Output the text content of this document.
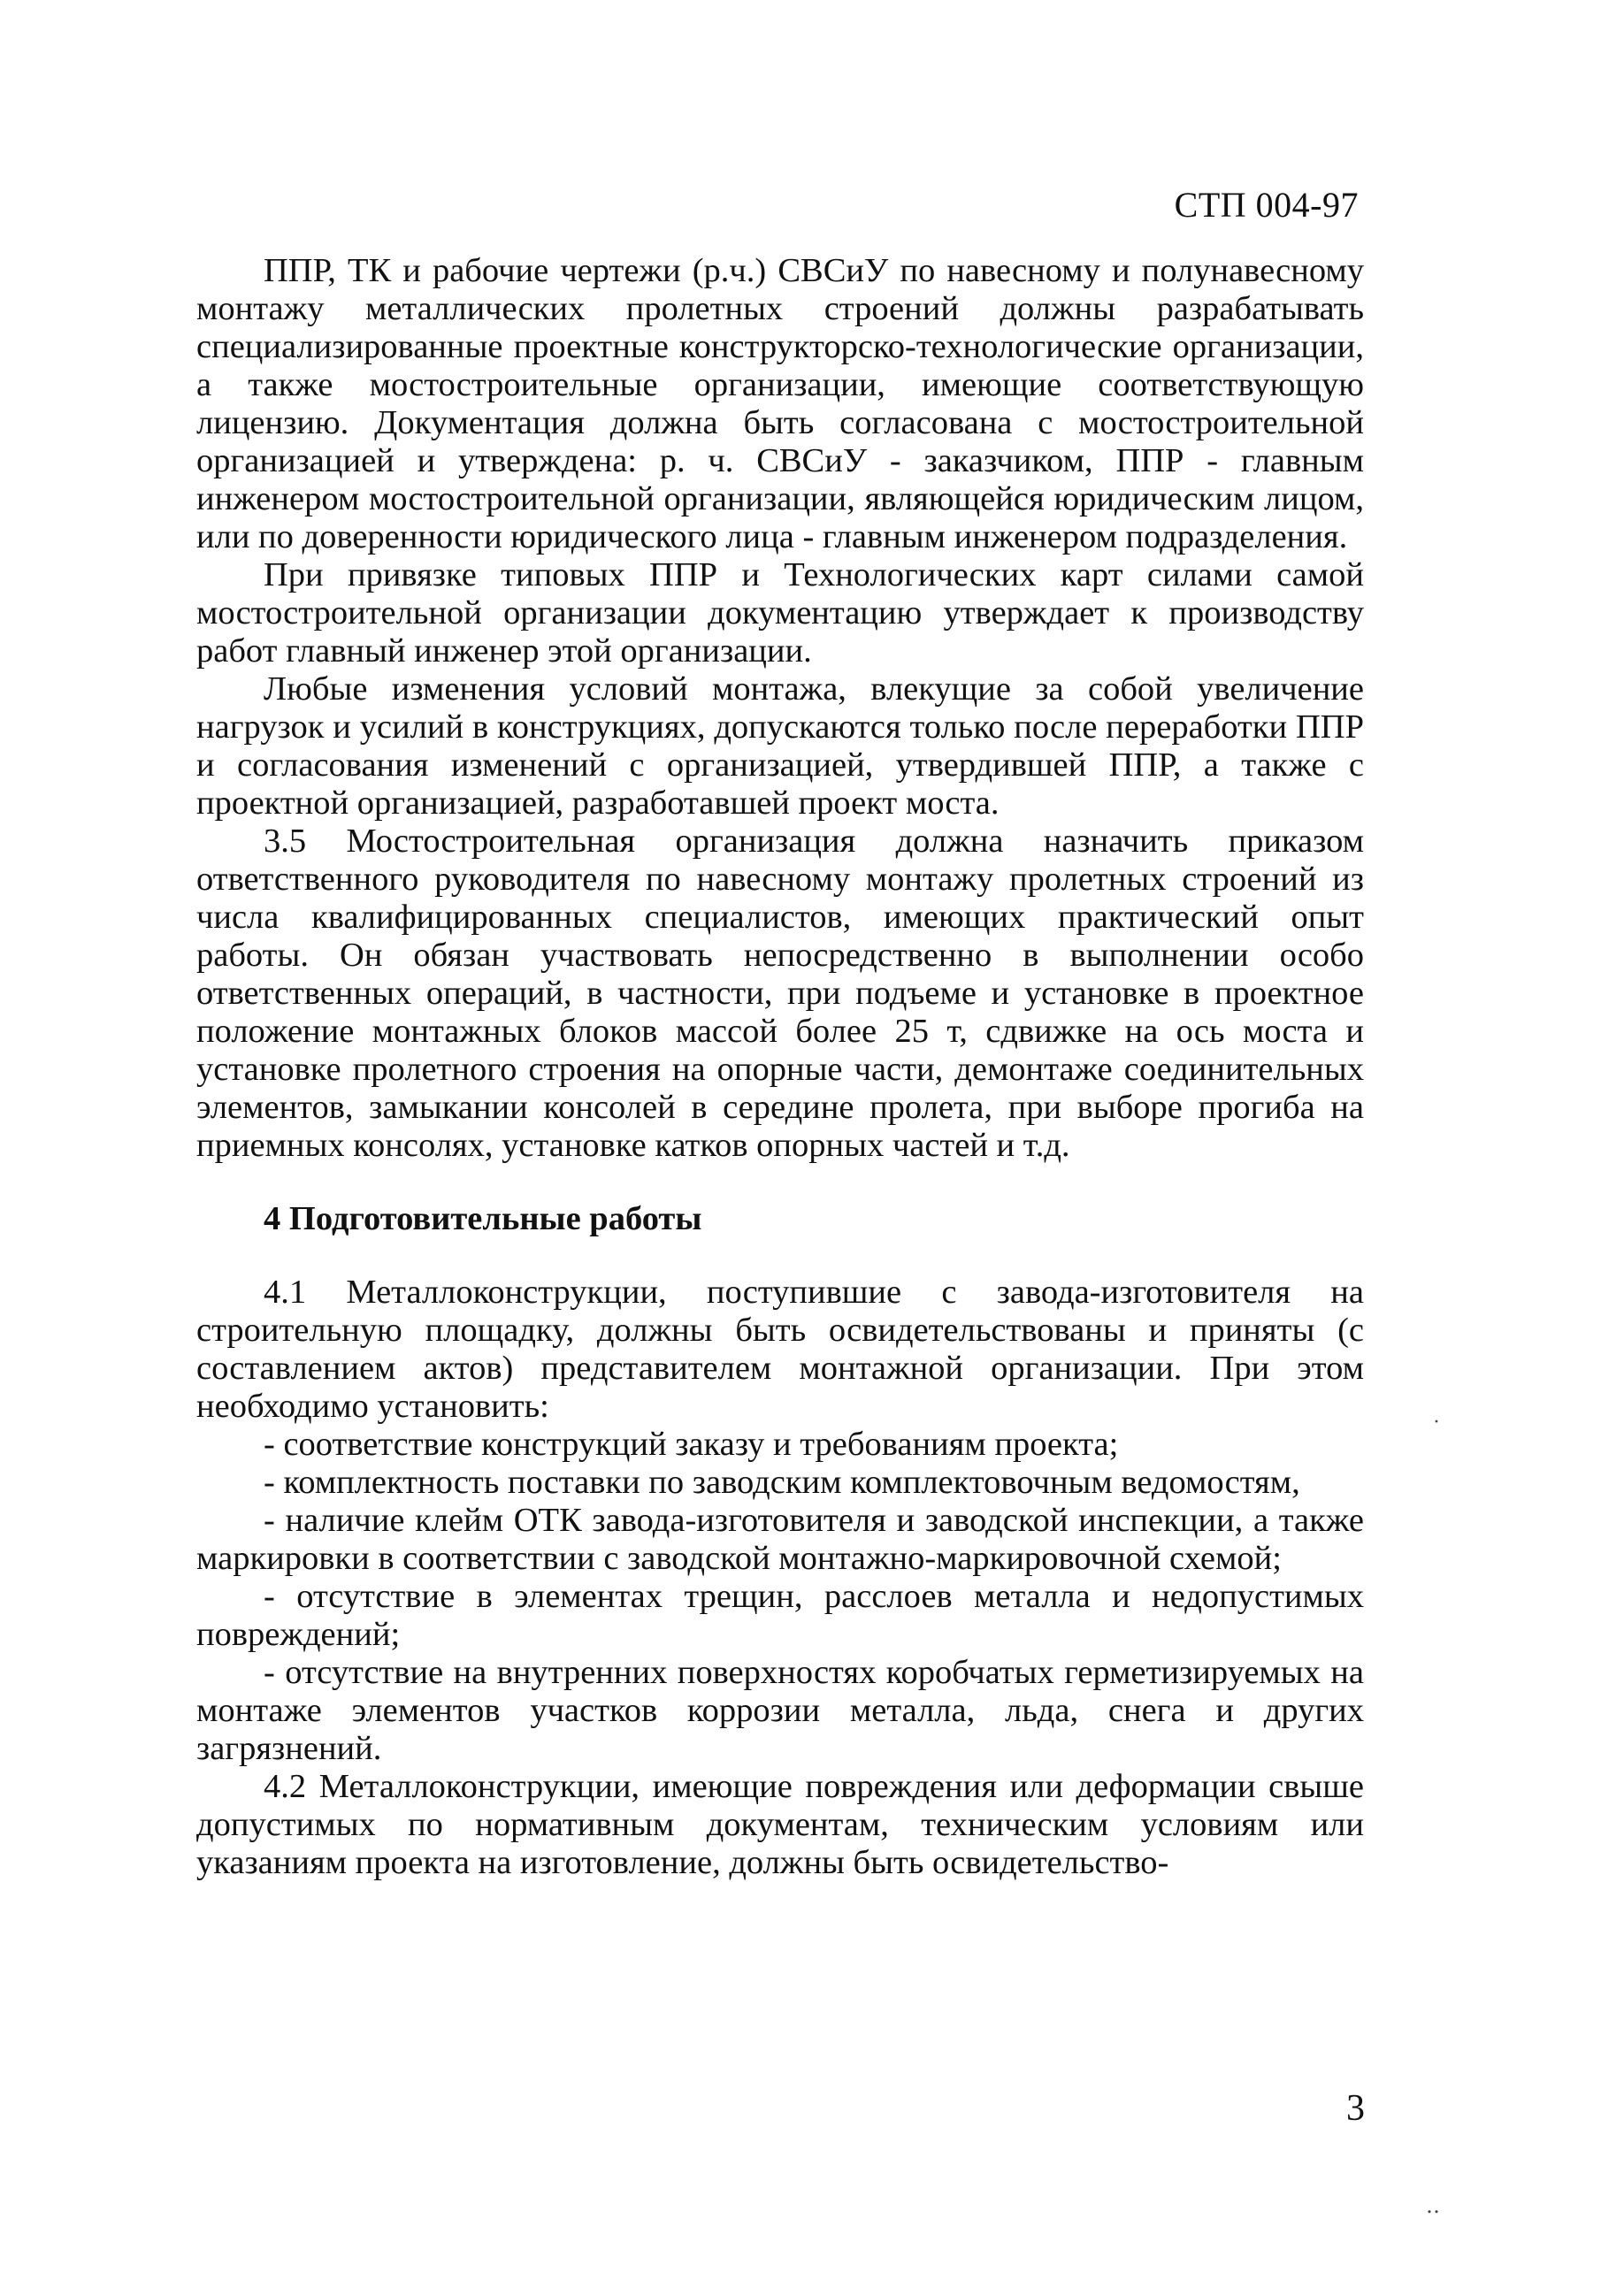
СТП 004-97

ППР, ТК и рабочие чертежи (р.ч.) СВСиУ по навесному и полунавесному монтажу металлических пролетных строений должны разрабатывать специализированные проектные конструкторско-технологические организации, а также мостостроительные организации, имеющие соответствующую лицензию. Документация должна быть согласована с мостостроительной организацией и утверждена: р. ч. СВСиУ - заказчиком, ППР - главным инженером мостостроительной организации, являющейся юридическим лицом, или по доверенности юридического лица - главным инженером подразделения.

При привязке типовых ППР и Технологических карт силами самой мостостроительной организации документацию утверждает к производству работ главный инженер этой организации.

Любые изменения условий монтажа, влекущие за собой увеличение нагрузок и усилий в конструкциях, допускаются только после переработки ППР и согласования изменений с организацией, утвердившей ППР, а также с проектной организацией, разработавшей проект моста.

3.5 Мостостроительная организация должна назначить приказом ответственного руководителя по навесному монтажу пролетных строений из числа квалифицированных специалистов, имеющих практический опыт работы. Он обязан участвовать непосредственно в выполнении особо ответственных операций, в частности, при подъеме и установке в проектное положение монтажных блоков массой более 25 т, сдвижке на ось моста и установке пролетного строения на опорные части, демонтаже соединительных элементов, замыкании консолей в середине пролета, при выборе прогиба на приемных консолях, установке катков опорных частей и т.д.

4 Подготовительные работы

4.1 Металлоконструкции, поступившие с завода-изготовителя на строительную площадку, должны быть освидетельствованы и приняты (с составлением актов) представителем монтажной организации. При этом необходимо установить:

- соответствие конструкций заказу и требованиям проекта;

- комплектность поставки по заводским комплектовочным ведомостям,

- наличие клейм ОТК завода-изготовителя и заводской инспекции, а также маркировки в соответствии с заводской монтажно-маркировочной схемой;

- отсутствие в элементах трещин, расслоев металла и недопустимых повреждений;

- отсутствие на внутренних поверхностях коробчатых герметизируемых на монтаже элементов участков коррозии металла, льда, снега и других загрязнений.

4.2 Металлоконструкции, имеющие повреждения или деформации свыше допустимых по нормативным документам, техническим условиям или указаниям проекта на изготовление, должны быть освидетельство-

3
·
‥
